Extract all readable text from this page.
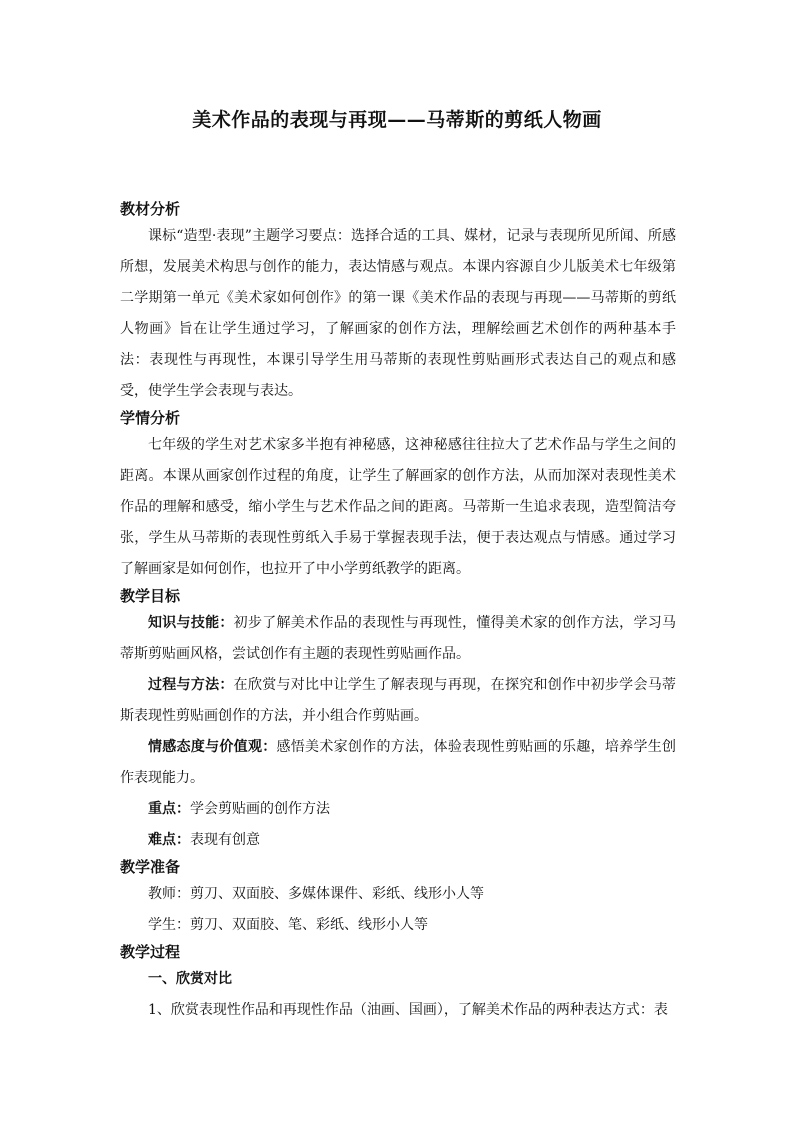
美术作品的表现与再现——马蒂斯的剪纸人物画
教材分析

课标“造型·表现”主题学习要点：选择合适的工具、媒材，记录与表现所见所闻、所感所想，发展美术构思与创作的能力，表达情感与观点。本课内容源自少儿版美术七年级第二学期第一单元《美术家如何创作》的第一课《美术作品的表现与再现——马蒂斯的剪纸人物画》旨在让学生通过学习，了解画家的创作方法，理解绘画艺术创作的两种基本手法：表现性与再现性，本课引导学生用马蒂斯的表现性剪贴画形式表达自己的观点和感受，使学生学会表现与表达。

学情分析

七年级的学生对艺术家多半抱有神秘感，这神秘感往往拉大了艺术作品与学生之间的距离。本课从画家创作过程的角度，让学生了解画家的创作方法，从而加深对表现性美术作品的理解和感受，缩小学生与艺术作品之间的距离。马蒂斯一生追求表现，造型简洁夸张，学生从马蒂斯的表现性剪纸入手易于掌握表现手法，便于表达观点与情感。通过学习了解画家是如何创作，也拉开了中小学剪纸教学的距离。

教学目标

知识与技能：初步了解美术作品的表现性与再现性，懂得美术家的创作方法，学习马蒂斯剪贴画风格，尝试创作有主题的表现性剪贴画作品。

过程与方法：在欣赏与对比中让学生了解表现与再现，在探究和创作中初步学会马蒂斯表现性剪贴画创作的方法，并小组合作剪贴画。

情感态度与价值观：感悟美术家创作的方法，体验表现性剪贴画的乐趣，培养学生创作表现能力。

重点：学会剪贴画的创作方法

难点：表现有创意

教学准备

教师：剪刀、双面胶、多媒体课件、彩纸、线形小人等

学生：剪刀、双面胶、笔、彩纸、线形小人等

教学过程

一、欣赏对比

1、欣赏表现性作品和再现性作品（油画、国画），了解美术作品的两种表达方式：表
